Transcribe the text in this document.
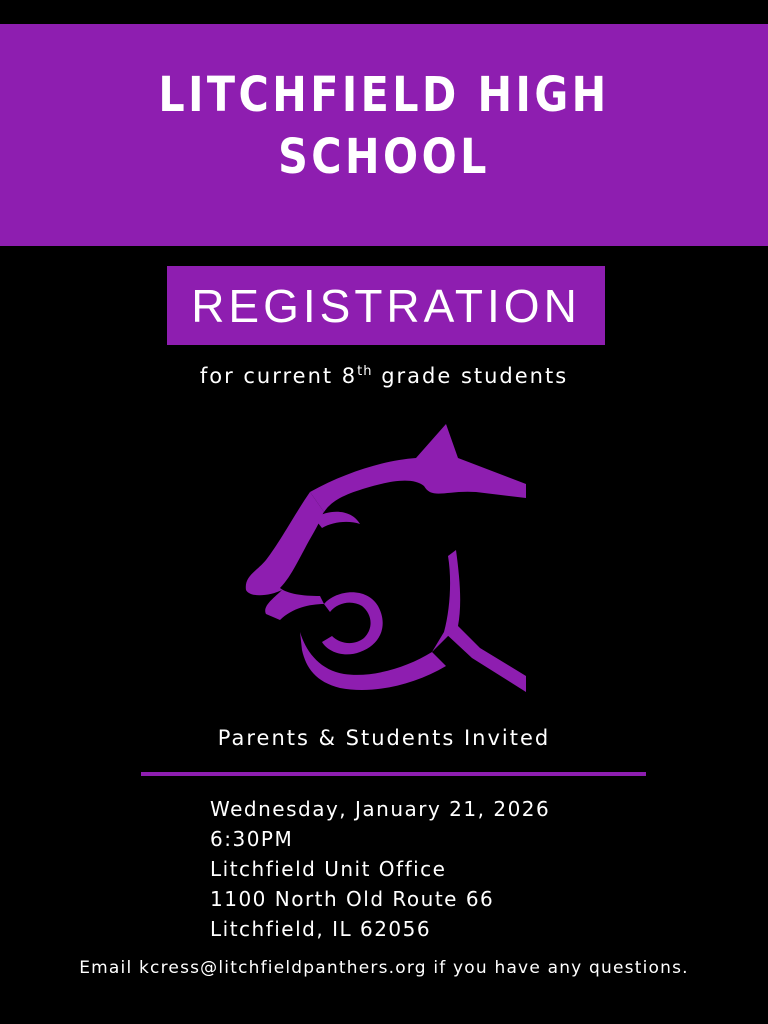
LITCHFIELD HIGH
SCHOOL
REGISTRATION
for current 8th grade students
Parents & Students Invited
Wednesday, January 21, 2026
6:30PM
Litchfield Unit Office
1100 North Old Route 66
Litchfield, IL 62056
Email kcress@litchfieldpanthers.org if you have any questions.
